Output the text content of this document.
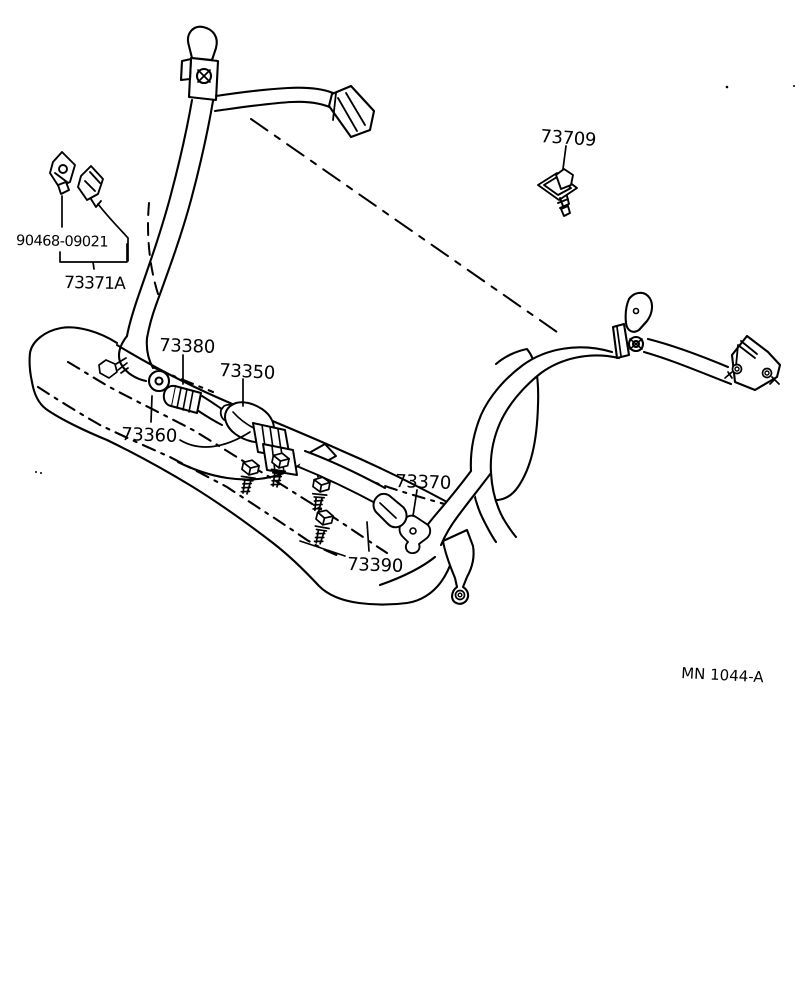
90468-09021
73371A
73709
73380
73350
73360
73370
73390
MN 1044-A
